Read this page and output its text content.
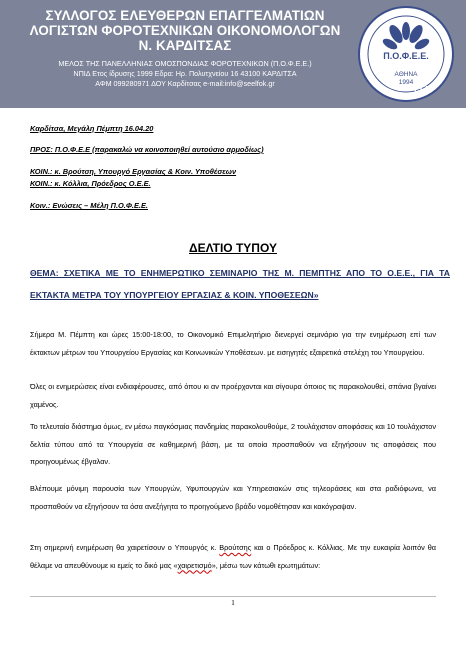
ΣΥΛΛΟΓΟΣ ΕΛΕΥΘΕΡΩΝ ΕΠΑΓΓΕΛΜΑΤΙΩΝ
ΛΟΓΙΣΤΩΝ ΦΟΡΟΤΕΧΝΙΚΩΝ ΟΙΚΟΝΟΜΟΛΟΓΩΝ
Ν. ΚΑΡΔΙΤΣΑΣ
ΜΕΛΟΣ ΤΗΣ ΠΑΝΕΛΛΗΝΙΑΣ ΟΜΟΣΠΟΝΔΙΑΣ ΦΟΡΟΤΕΧΝΙΚΩΝ (Π.Ο.Φ.Ε.Ε.)
ΝΠΙΔ Ετος ίδρυσης 1999 Εδρα: Ηρ. Πολυτχνείου 16 43100 ΚΑΡΔΙΤΣΑ
ΑΦΜ 099280971 ΔΟΥ Καρδίτσας e-mail:info@seelfok.gr
Π.Ο.Φ.Ε.Ε.
ΑΘΗΝΑ
1994
CFE
Καρδίτσα, Μεγάλη Πέμπτη 16.04.20
ΠΡΟΣ: Π.Ο.Φ.Ε.Ε (παρακαλώ να κοινοποιηθεί αυτούσιο αρμοδίως)
ΚΟΙΝ.: κ. Βρούτση, Υπουργό Εργασίας & Κοιν. Υποθέσεων
ΚΟΙΝ.: κ. Κόλλια, Πρόεδρος Ο.Ε.Ε.
Κοιν.: Ενώσεις – Μέλη Π.Ο.Φ.Ε.Ε.
ΔΕΛΤΙΟ ΤΥΠΟΥ
ΘΕΜΑ: ΣΧΕΤΙΚΑ ΜΕ ΤΟ ΕΝΗΜΕΡΩΤΙΚΟ ΣΕΜΙΝΑΡΙΟ ΤΗΣ Μ. ΠΕΜΠΤΗΣ ΑΠΟ ΤΟ Ο.Ε.Ε., ΓΙΑ ΤΑ ΕΚΤΑΚΤΑ ΜΕΤΡΑ ΤΟΥ ΥΠΟΥΡΓΕΙΟΥ ΕΡΓΑΣΙΑΣ & ΚΟΙΝ. ΥΠΟΘΕΣΕΩΝ»
Σήμερα Μ. Πέμπτη και ώρες 15:00-18:00, το Οικονομικό Επιμελητήριο διενεργεί σεμινάριο για την ενημέρωση επί των έκτακτων μέτρων του Υπουργείου Εργασίας και Κοινωνικών Υποθέσεων. με εισηγητές εξαιρετικά στελέχη του Υπουργείου.
Όλες οι ενημερώσεις είναι ενδιαφέρουσες, από όπου κι αν προέρχονται και σίγουρα όποιος τις παρακολουθεί, σπάνια βγαίνει χαμένος.
Το τελευταίο διάστημα όμως, εν μέσω παγκόσμιας πανδημίας παρακολουθούμε, 2 τουλάχιστον αποφάσεις και 10 τουλάχιστον δελτία τύπου από τα Υπουργεία σε καθημερινή βάση, με τα οποία προσπαθούν να εξηγήσουν τις αποφάσεις που προηγουμένως έβγαλαν.
Βλέπουμε μόνιμη παρουσία των Υπουργών, Υφυπουργών και Υπηρεσιακών στις τηλεοράσεις και στα ραδιόφωνα, να προσπαθούν να εξηγήσουν τα όσα ανεξήγητα το προηγούμενο βράδυ νομοθέτησαν και κακόγραψαν.
Στη σημερινή ενημέρωση θα χαιρετίσουν ο Υπουργός κ. Βρούτσης και ο Πρόεδρος κ. Κόλλιας. Με την ευκαιρία λοιπόν θα θέλαμε να απευθύνουμε κι εμείς το δικό μας «χαιρετισμό», μέσω των κάτωθι ερωτημάτων:
1
